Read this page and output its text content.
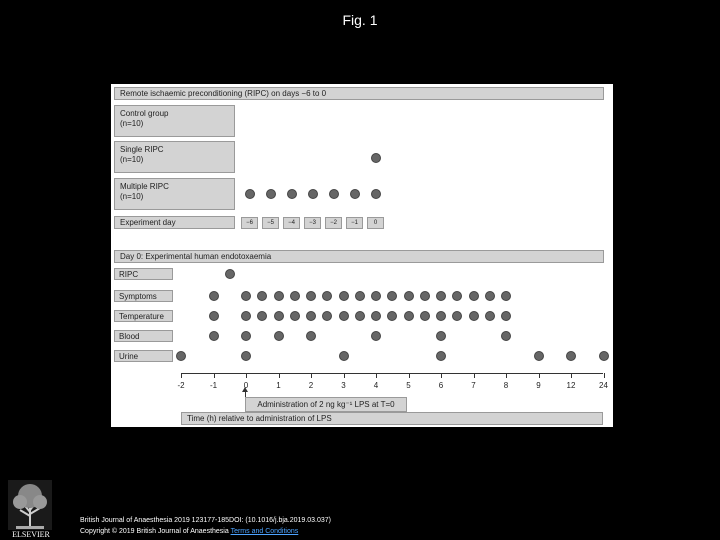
Fig. 1
Remote ischaemic preconditioning (RIPC) on days −6 to 0
Control group
(n=10)
Single RIPC
(n=10)
Multiple RIPC
(n=10)
Experiment day	−6	−5	−4	−3	−2	−1	0
Day 0: Experimental human endotoxaemia
RIPC
Symptoms
Temperature
Blood
Urine
-2	-1	0	1	2	3	4	5	6	7	8	9	12	24
Administration of 2 ng kg⁻¹ LPS at T=0
Time (h) relative to administration of LPS
ELSEVIER
British Journal of Anaesthesia 2019 123177-185DOI: (10.1016/j.bja.2019.03.037)
Copyright © 2019 British Journal of Anaesthesia Terms and Conditions
